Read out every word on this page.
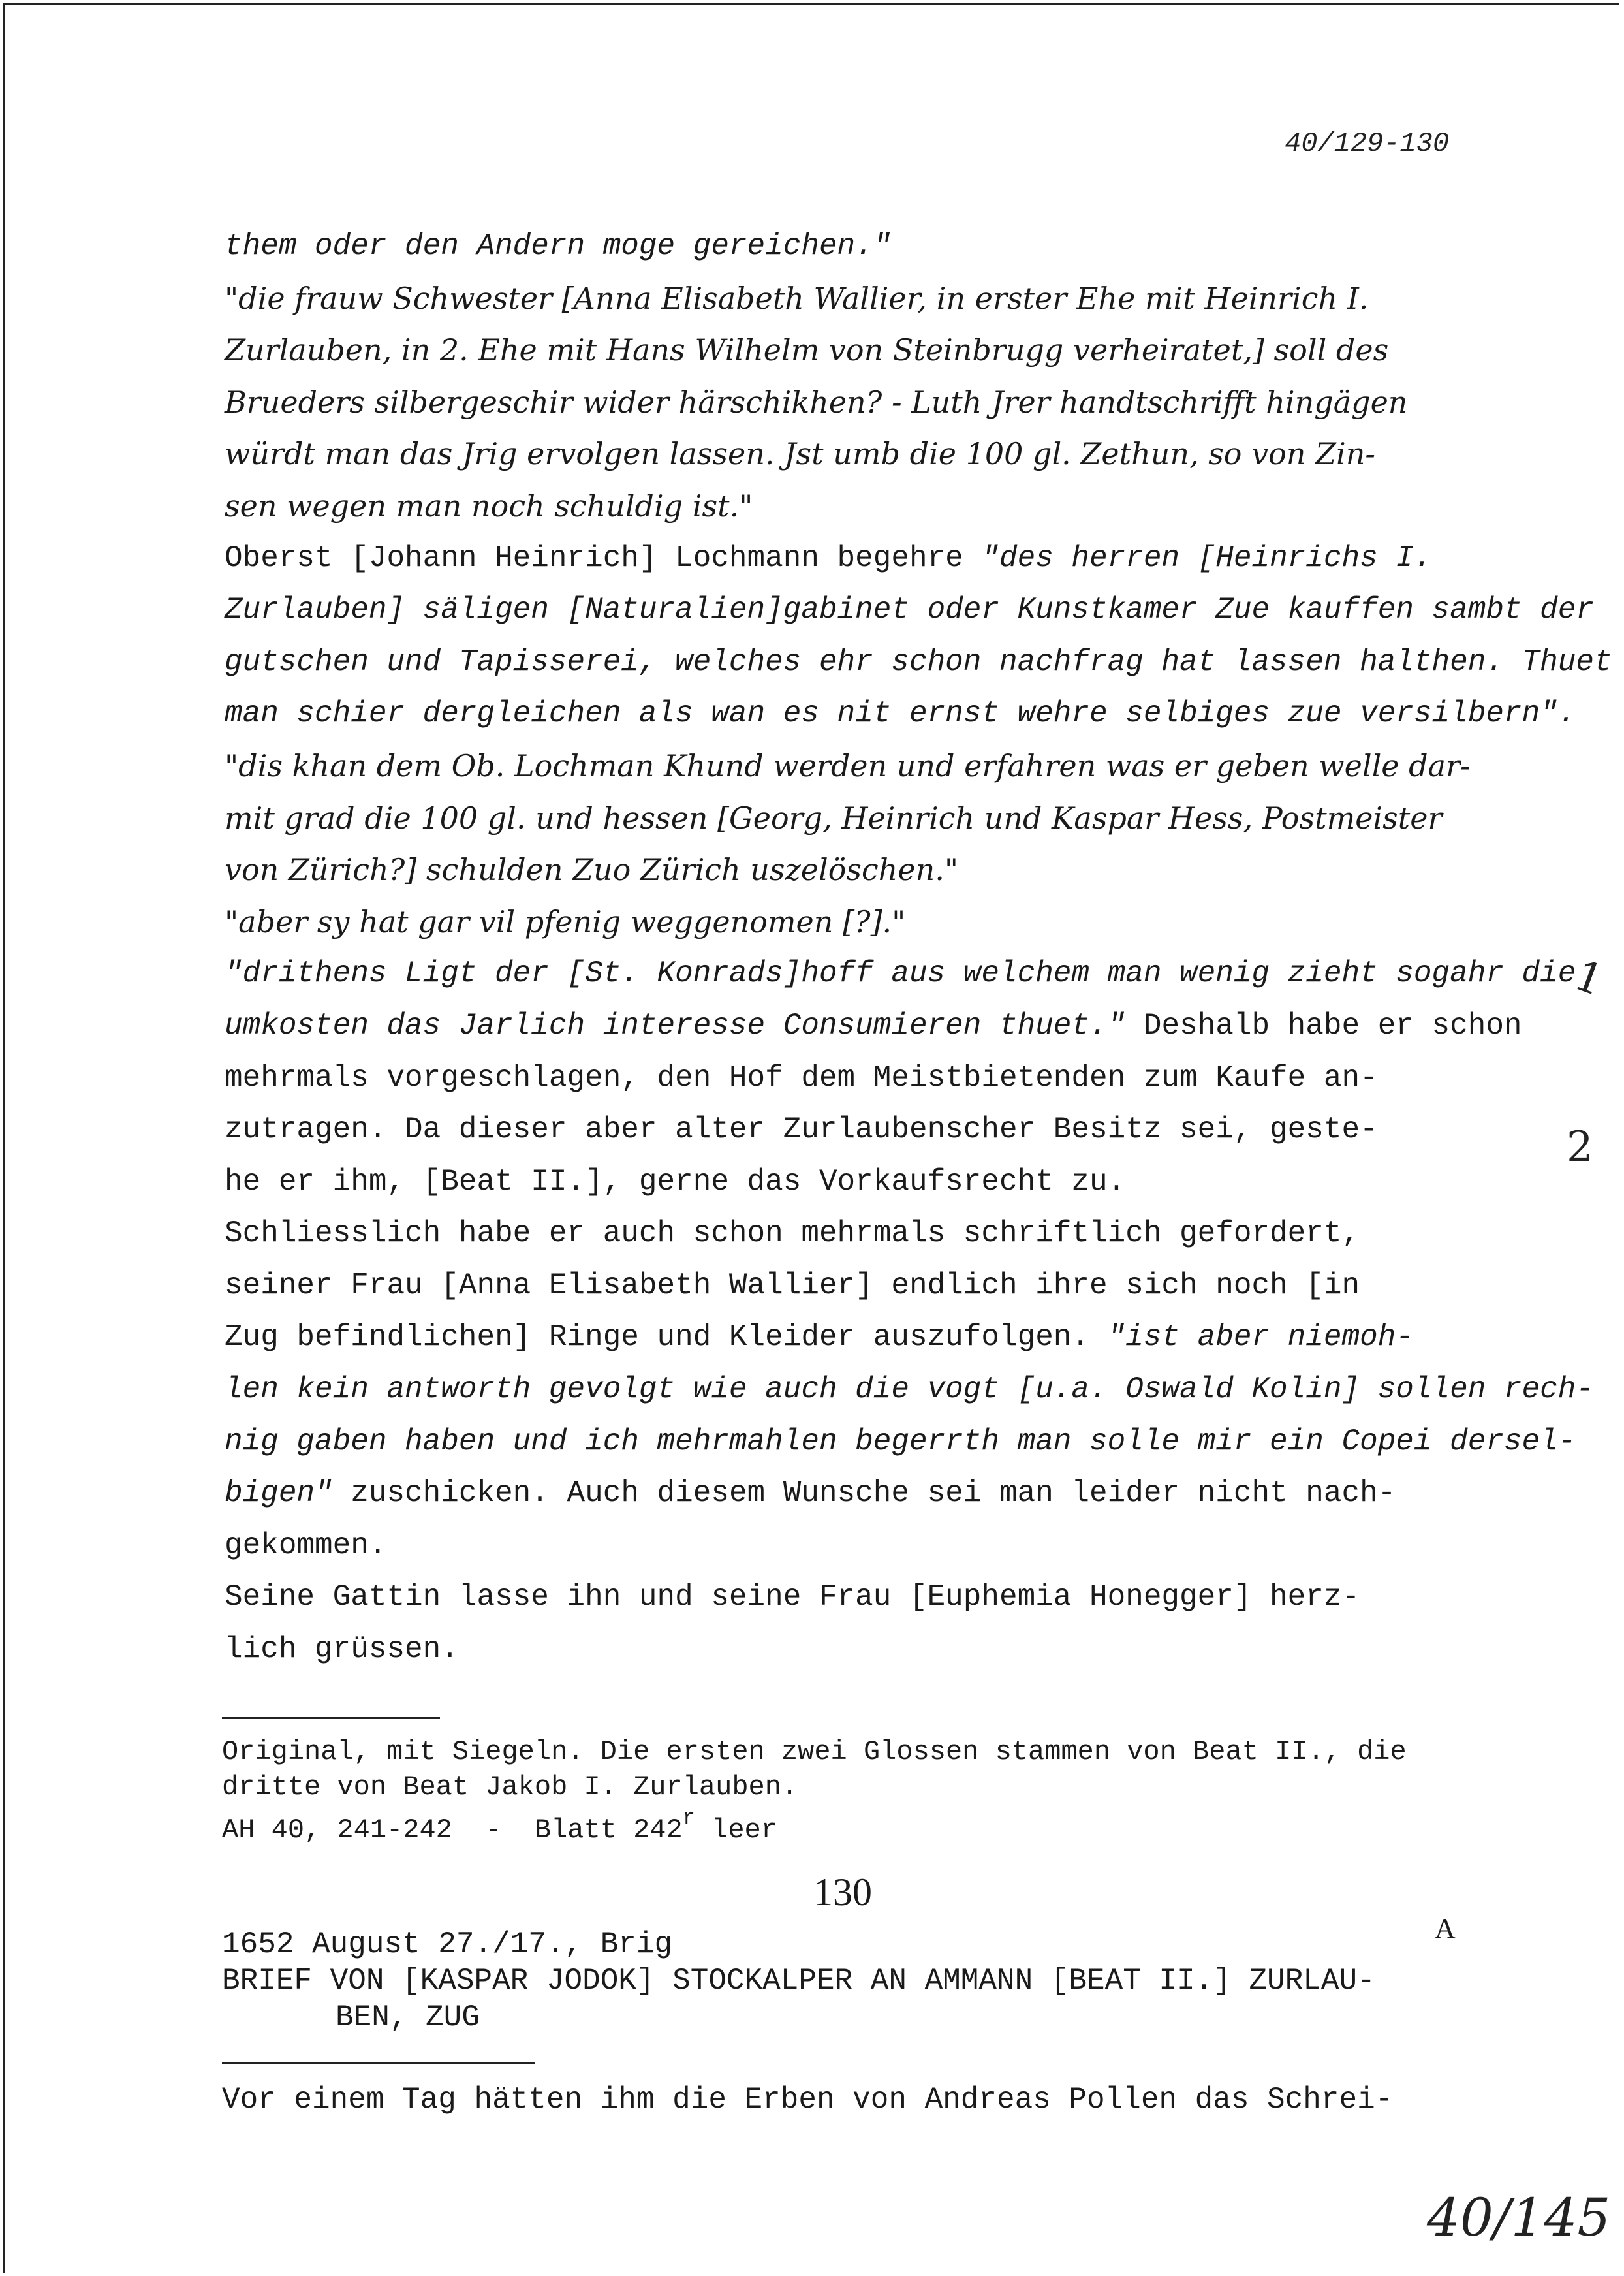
40/129-130
them oder den Andern moge gereichen."
"die frauw Schwester [Anna Elisabeth Wallier, in erster Ehe mit Heinrich I.
Zurlauben, in 2. Ehe mit Hans Wilhelm von Steinbrugg verheiratet,] soll des
Brueders silbergeschir wider härschikhen? - Luth Jrer handtschrifft hingägen
würdt man das Jrig ervolgen lassen. Jst umb die 100 gl. Zethun, so von Zin-
sen wegen man noch schuldig ist."
Oberst [Johann Heinrich] Lochmann begehre "des herren [Heinrichs I.
Zurlauben] säligen [Naturalien]gabinet oder Kunstkamer Zue kauffen sambt der
gutschen und Tapisserei, welches ehr schon nachfrag hat lassen halthen. Thuet
man schier dergleichen als wan es nit ernst wehre selbiges zue versilbern".
"dis khan dem Ob. Lochman Khund werden und erfahren was er geben welle dar-
mit grad die 100 gl. und hessen [Georg, Heinrich und Kaspar Hess, Postmeister
von Zürich?] schulden Zuo Zürich uszelöschen."
"aber sy hat gar vil pfenig weggenomen [?]."
"drithens Ligt der [St. Konrads]hoff aus welchem man wenig zieht sogahr die
umkosten das Jarlich interesse Consumieren thuet." Deshalb habe er schon
mehrmals vorgeschlagen, den Hof dem Meistbietenden zum Kaufe an-
zutragen. Da dieser aber alter Zurlaubenscher Besitz sei, geste-
he er ihm, [Beat II.], gerne das Vorkaufsrecht zu.
Schliesslich habe er auch schon mehrmals schriftlich gefordert,
seiner Frau [Anna Elisabeth Wallier] endlich ihre sich noch [in
Zug befindlichen] Ringe und Kleider auszufolgen. "ist aber niemoh-
len kein antworth gevolgt wie auch die vogt [u.a. Oswald Kolin] sollen rech-
nig gaben haben und ich mehrmahlen begerrth man solle mir ein Copei dersel-
bigen" zuschicken. Auch diesem Wunsche sei man leider nicht nach-
gekommen.
Seine Gattin lasse ihn und seine Frau [Euphemia Honegger] herz-
lich grüssen.
1
2
Original, mit Siegeln. Die ersten zwei Glossen stammen von Beat II., die
dritte von Beat Jakob I. Zurlauben.
AH 40, 241-242  -  Blatt 242$^r$ leer
130
A
1652 August 27./17., Brig
BRIEF VON [KASPAR JODOK] STOCKALPER AN AMMANN [BEAT II.] ZURLAU-
BEN, ZUG
Vor einem Tag hätten ihm die Erben von Andreas Pollen das Schrei-
40/145
